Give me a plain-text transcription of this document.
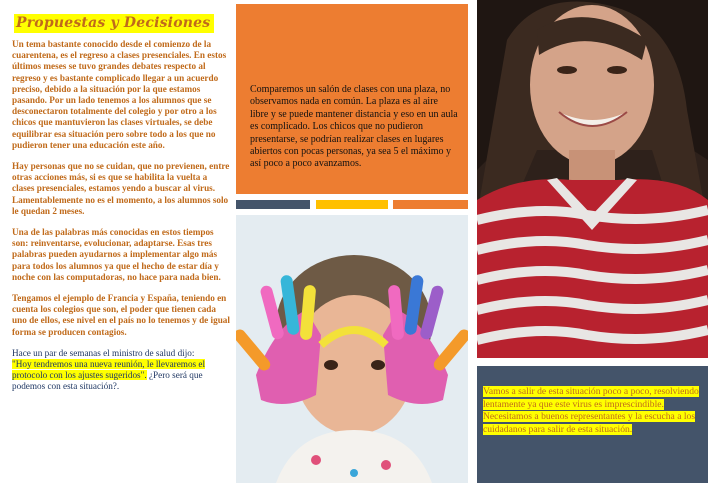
Propuestas y Decisiones

Un tema bastante conocido desde el comienzo de la cuarentena, es el regreso a clases presenciales. En estos últimos meses se tuvo grandes debates respecto al regreso y es bastante complicado llegar a un acuerdo preciso, debido a la situación por la que estamos pasando. Por un lado tenemos a los alumnos que se desconectaron totalmente del colegio y por otro a los chicos que mantuvieron las clases virtuales, se debe equilibrar esa situación pero sobre todo a los que no pudieron tener una educación este año.

Hay personas que no se cuidan, que no previenen, entre otras acciones más, si es que se habilita la vuelta a clases presenciales, estamos yendo a buscar al virus. Lamentablemente no es el momento, a los alumnos solo le quedan 2 meses.

Una de las palabras más conocidas en estos tiempos son: reinventarse, evolucionar, adaptarse. Esas tres palabras pueden ayudarnos a implementar algo más para todos los alumnos ya que el hecho de estar día y noche con las computadoras, no hace para nada bien.

Tengamos el ejemplo de Francia y España, teniendo en cuenta los colegios que son, el poder que tienen cada uno de ellos, ese nivel en el país no lo tenemos y de igual forma se producen contagios.

Hace un par de semanas el ministro de salud dijo:
"Hoy tendremos una nueva reunión, le llevaremos el protocolo con los ajustes sugeridos". ¿Pero será que podemos con esta situación?.
Comparemos un salón de clases con una plaza, no observamos nada en común. La plaza es al aire libre y se puede mantener distancia y eso en un aula es complicado. Los chicos que no pudieron presentarse, se podrían realizar clases en lugares abiertos con pocas personas, ya sea 5 el máximo y así poco a poco avanzamos.
Vamos a salir de esta situación poco a poco, resolviendo lentamente ya que este virus es imprescindible. Necesitamos a buenos representantes y la escucha a los cuidadanos para salir de esta situación.
